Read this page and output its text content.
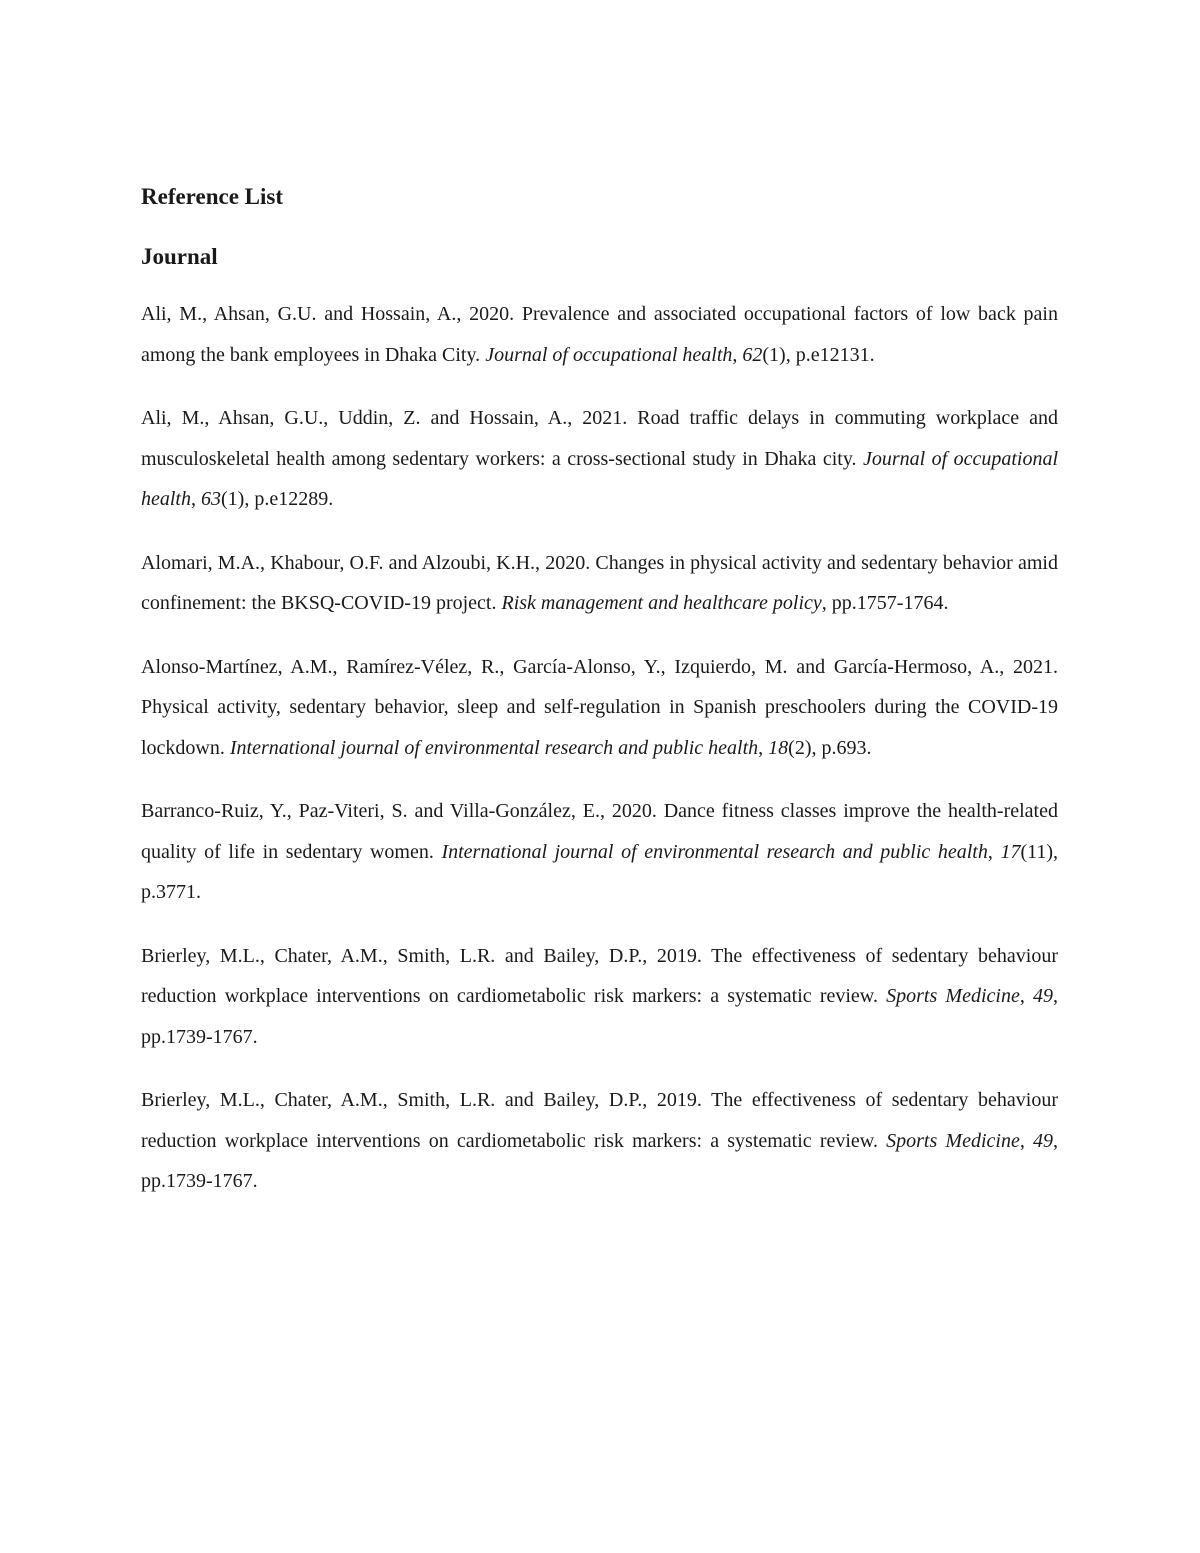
Reference List
Journal

Ali, M., Ahsan, G.U. and Hossain, A., 2020. Prevalence and associated occupational factors of low back pain among the bank employees in Dhaka City. Journal of occupational health, 62(1), p.e12131.

Ali, M., Ahsan, G.U., Uddin, Z. and Hossain, A., 2021. Road traffic delays in commuting workplace and musculoskeletal health among sedentary workers: a cross-sectional study in Dhaka city. Journal of occupational health, 63(1), p.e12289.

Alomari, M.A., Khabour, O.F. and Alzoubi, K.H., 2020. Changes in physical activity and sedentary behavior amid confinement: the BKSQ-COVID-19 project. Risk management and healthcare policy, pp.1757-1764.

Alonso-Martínez, A.M., Ramírez-Vélez, R., García-Alonso, Y., Izquierdo, M. and García-Hermoso, A., 2021. Physical activity, sedentary behavior, sleep and self-regulation in Spanish preschoolers during the COVID-19 lockdown. International journal of environmental research and public health, 18(2), p.693.

Barranco-Ruiz, Y., Paz-Viteri, S. and Villa-González, E., 2020. Dance fitness classes improve the health-related quality of life in sedentary women. International journal of environmental research and public health, 17(11), p.3771.

Brierley, M.L., Chater, A.M., Smith, L.R. and Bailey, D.P., 2019. The effectiveness of sedentary behaviour reduction workplace interventions on cardiometabolic risk markers: a systematic review. Sports Medicine, 49, pp.1739-1767.

Brierley, M.L., Chater, A.M., Smith, L.R. and Bailey, D.P., 2019. The effectiveness of sedentary behaviour reduction workplace interventions on cardiometabolic risk markers: a systematic review. Sports Medicine, 49, pp.1739-1767.
